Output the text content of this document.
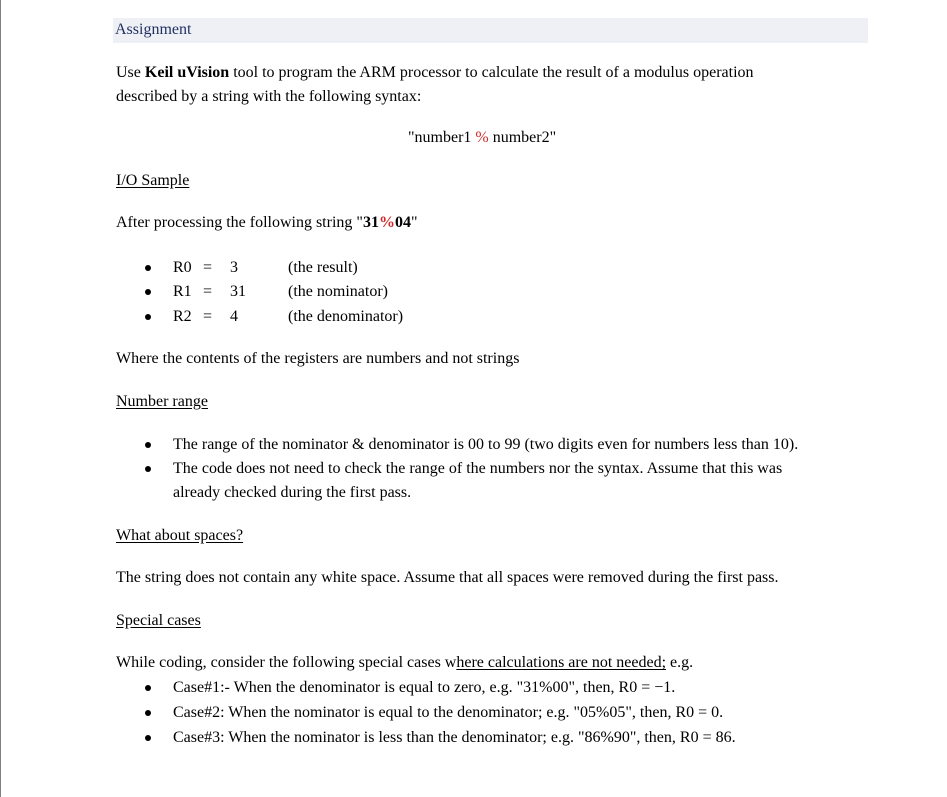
Assignment
Use Keil uVision tool to program the ARM processor to calculate the result of a modulus operation
described by a string with the following syntax:
"number1 % number2"
I/O Sample
After processing the following string "31%04"
R0 = 3	(the result)
R1 = 31	(the nominator)
R2 = 4	(the denominator)
Where the contents of the registers are numbers and not strings
Number range
The range of the nominator & denominator is 00 to 99 (two digits even for numbers less than 10).
The code does not need to check the range of the numbers nor the syntax. Assume that this was
already checked during the first pass.
What about spaces?
The string does not contain any white space. Assume that all spaces were removed during the first pass.
Special cases
While coding, consider the following special cases where calculations are not needed; e.g.
Case#1:- When the denominator is equal to zero, e.g. "31%00", then, R0 = −1.
Case#2: When the nominator is equal to the denominator; e.g. "05%05", then, R0 = 0.
Case#3: When the nominator is less than the denominator; e.g. "86%90", then, R0 = 86.
